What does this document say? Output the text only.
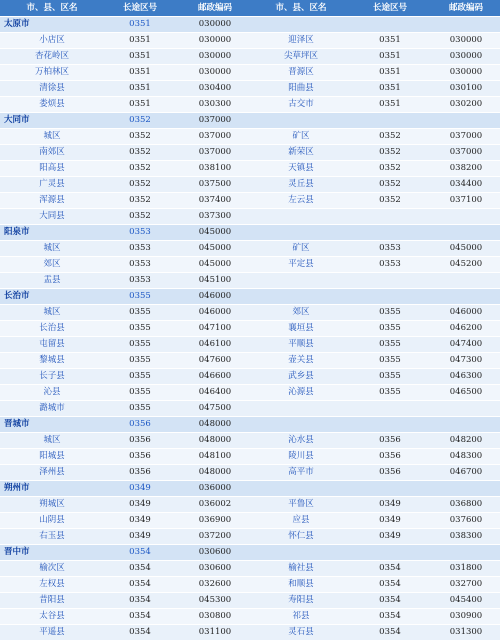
市、县、区名	长途区号	邮政编码	市、县、区名	长途区号	邮政编码
太原市	0351	030000			
小店区	0351	030000	迎泽区	0351	030000
杏花岭区	0351	030000	尖草坪区	0351	030000
万柏林区	0351	030000	晋源区	0351	030000
清徐县	0351	030400	阳曲县	0351	030100
娄烦县	0351	030300	古交市	0351	030200
大同市	0352	037000			
城区	0352	037000	矿区	0352	037000
南郊区	0352	037000	新荣区	0352	037000
阳高县	0352	038100	天镇县	0352	038200
广灵县	0352	037500	灵丘县	0352	034400
浑源县	0352	037400	左云县	0352	037100
大同县	0352	037300			
阳泉市	0353	045000			
城区	0353	045000	矿区	0353	045000
郊区	0353	045000	平定县	0353	045200
盂县	0353	045100			
长治市	0355	046000			
城区	0355	046000	郊区	0355	046000
长治县	0355	047100	襄垣县	0355	046200
屯留县	0355	046100	平顺县	0355	047400
黎城县	0355	047600	壶关县	0355	047300
长子县	0355	046600	武乡县	0355	046300
沁县	0355	046400	沁源县	0355	046500
潞城市	0355	047500			
晋城市	0356	048000			
城区	0356	048000	沁水县	0356	048200
阳城县	0356	048100	陵川县	0356	048300
泽州县	0356	048000	高平市	0356	046700
朔州市	0349	036000			
朔城区	0349	036002	平鲁区	0349	036800
山阴县	0349	036900	应县	0349	037600
右玉县	0349	037200	怀仁县	0349	038300
晋中市	0354	030600			
榆次区	0354	030600	榆社县	0354	031800
左权县	0354	032600	和顺县	0354	032700
昔阳县	0354	045300	寿阳县	0354	045400
太谷县	0354	030800	祁县	0354	030900
平遥县	0354	031100	灵石县	0354	031300
